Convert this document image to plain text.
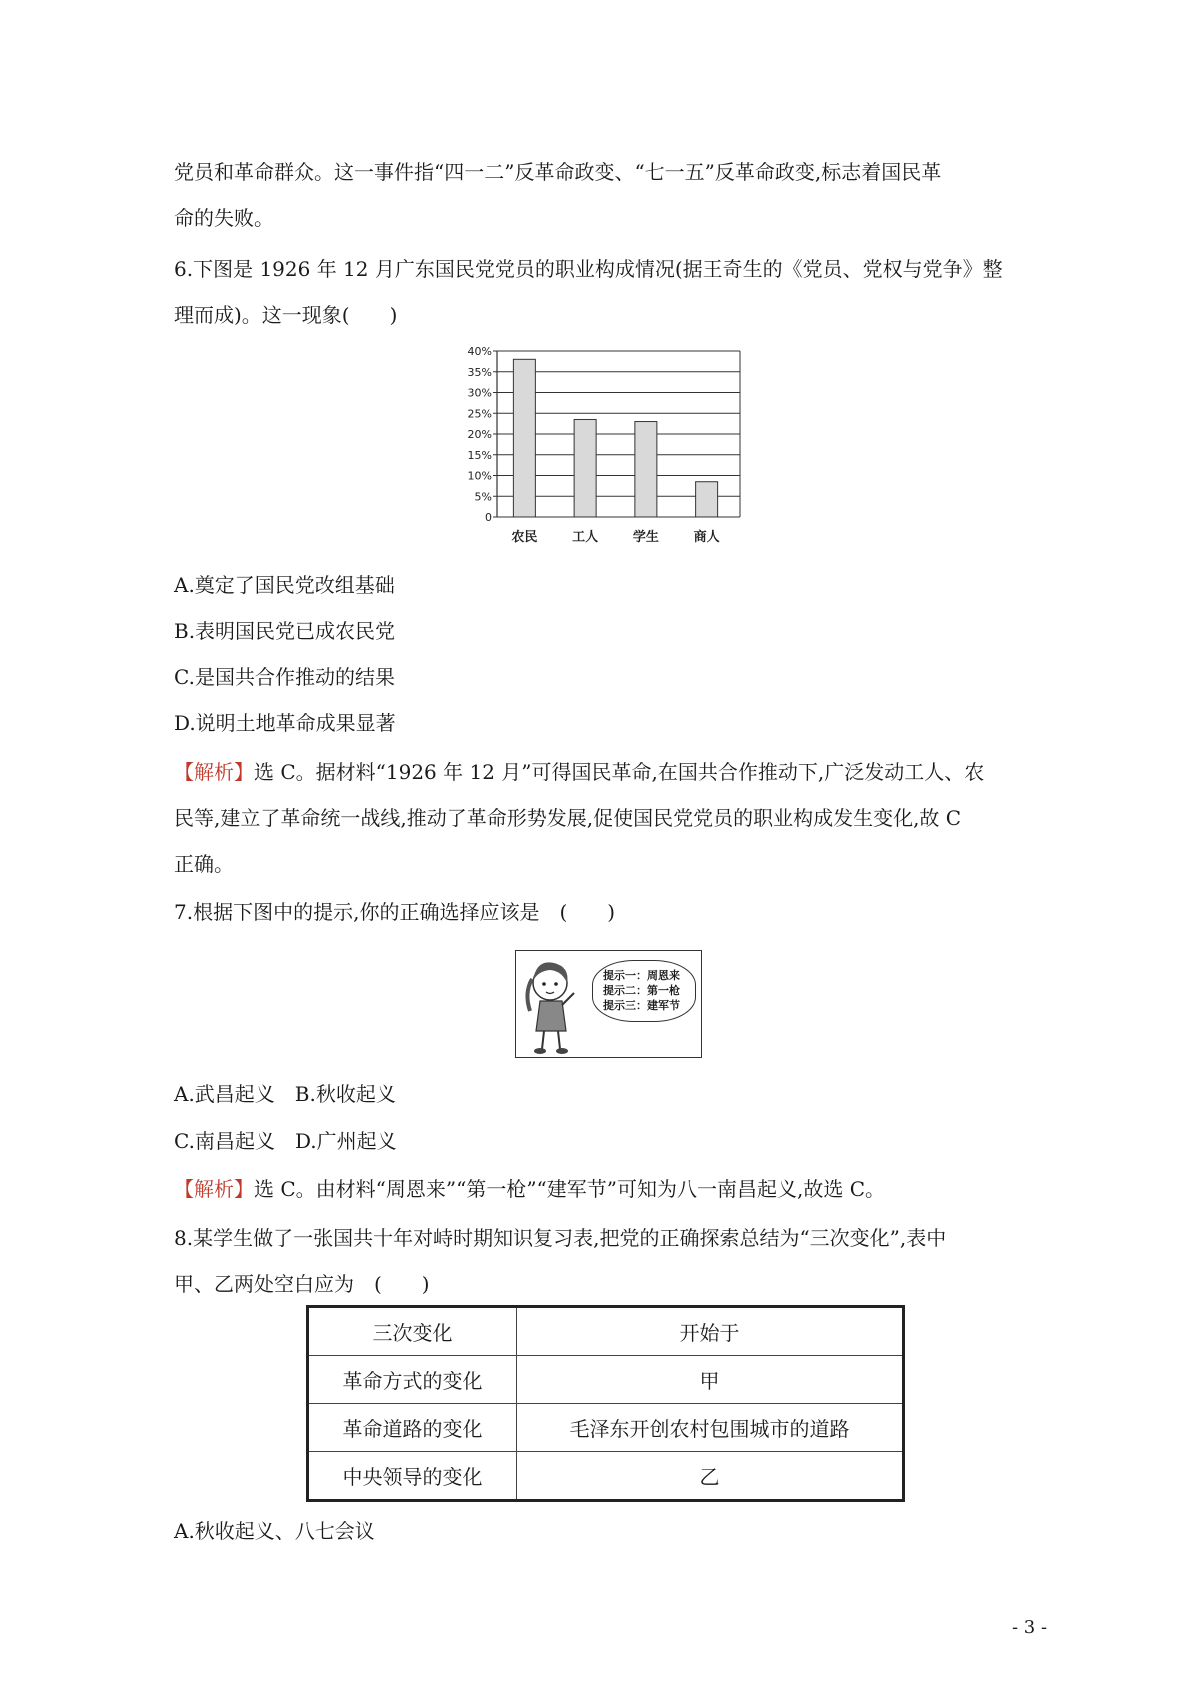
党员和革命群众。这一事件指“四一二”反革命政变、“七一五”反革命政变,标志着国民革
命的失败。
6.下图是 1926 年 12 月广东国民党党员的职业构成情况(据王奇生的《党员、党权与党争》整
理而成)。这一现象(　　)
0
5%
10%
15%
20%
25%
30%
35%
40%
农民	工人	学生	商人
A.奠定了国民党改组基础
B.表明国民党已成农民党
C.是国共合作推动的结果
D.说明土地革命成果显著
【解析】选 C。据材料“1926 年 12 月”可得国民革命,在国共合作推动下,广泛发动工人、农
民等,建立了革命统一战线,推动了革命形势发展,促使国民党党员的职业构成发生变化,故 C
正确。
7.根据下图中的提示,你的正确选择应该是　(　　)
提示一：周恩来
提示二：第一枪
提示三：建军节
A.武昌起义　B.秋收起义
C.南昌起义　D.广州起义
【解析】选 C。由材料“周恩来”“第一枪”“建军节”可知为八一南昌起义,故选 C。
8.某学生做了一张国共十年对峙时期知识复习表,把党的正确探索总结为“三次变化”,表中
甲、乙两处空白应为　(　　)
三次变化	开始于
革命方式的变化	甲
革命道路的变化	毛泽东开创农村包围城市的道路
中央领导的变化	乙
A.秋收起义、八七会议
- 3 -
